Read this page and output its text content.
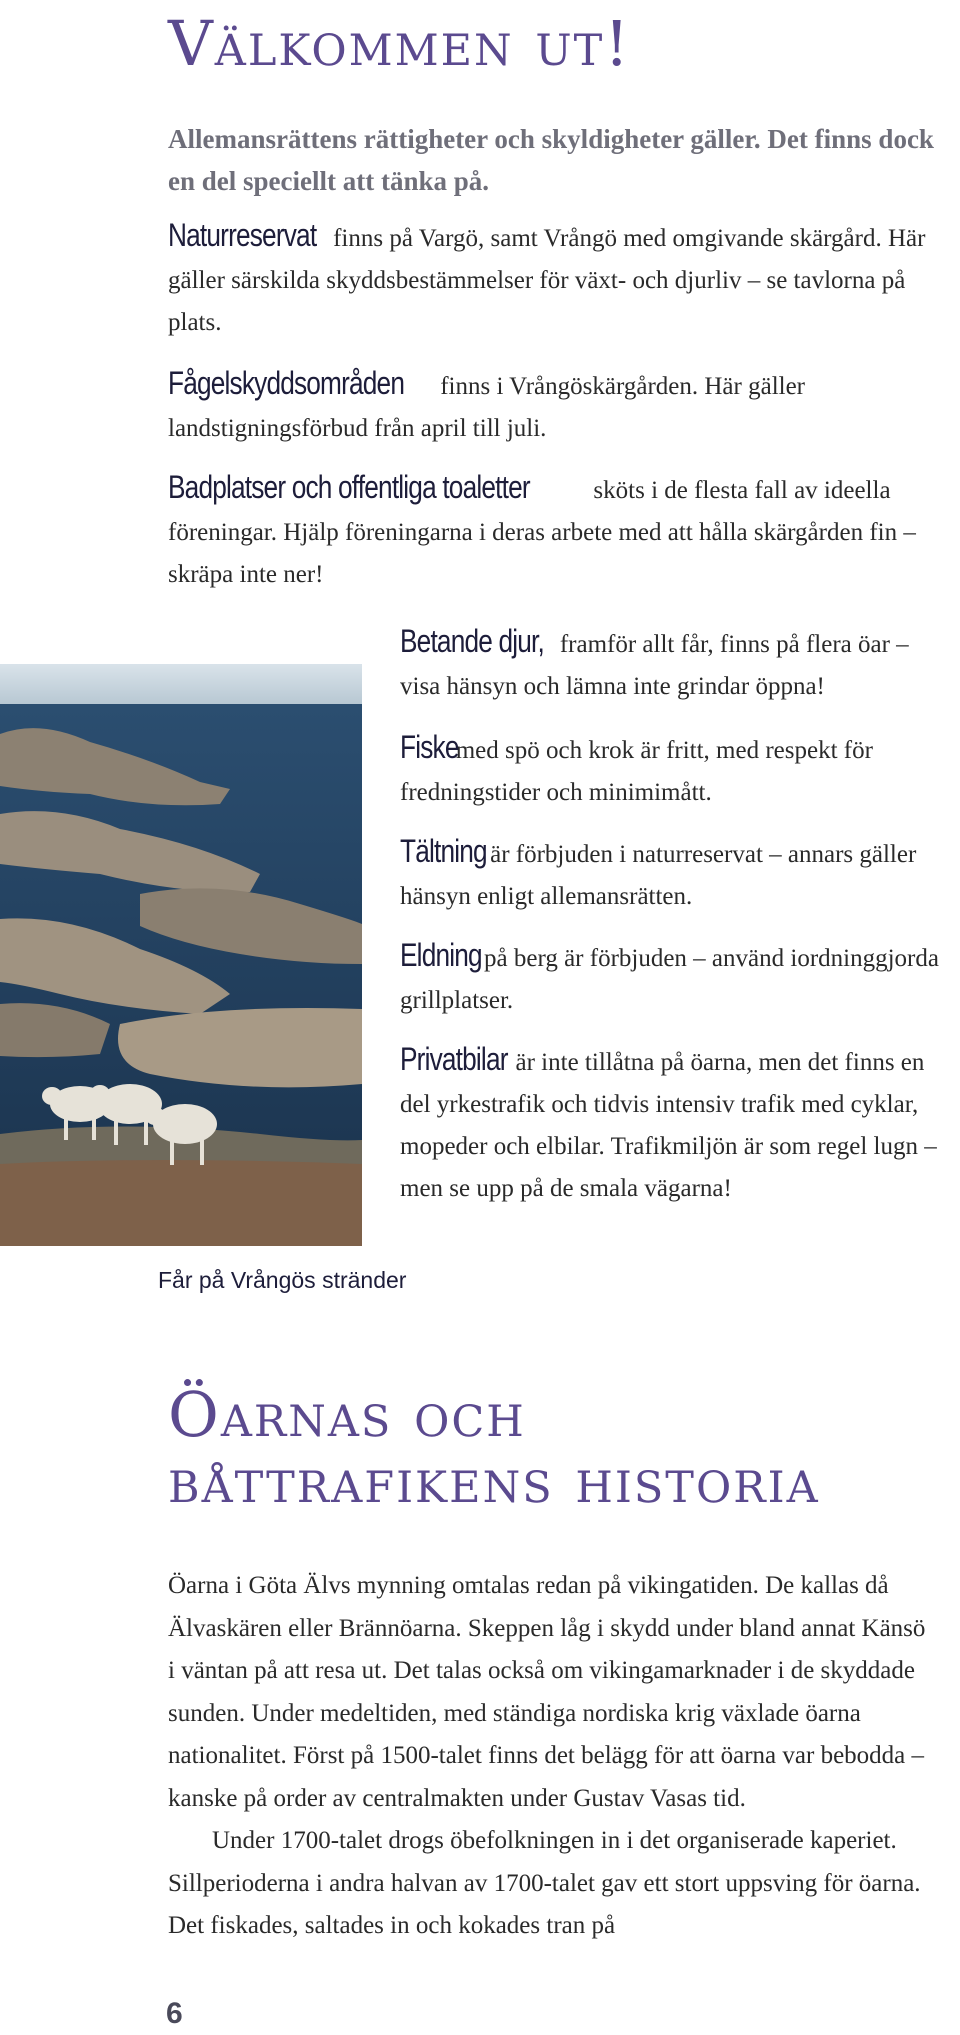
Välkommen ut!
Allemansrättens rättigheter och skyldigheter gäller. Det finns dock en del speciellt att tänka på.
Naturreservat finns på Vargö, samt Vrångö med omgivande skärgård. Här gäller särskilda skyddsbestämmelser för växt- och djurliv – se tavlorna på plats.
Fågelskyddsområden finns i Vrångöskärgården. Här gäller landstigningsförbud från april till juli.
Badplatser och offentliga toaletter	sköts i de flesta fall av ideella föreningar. Hjälp föreningarna i deras arbete med att hålla skärgården fin – skräpa inte ner!
Betande djur, framför allt får, finns på flera öar – visa hänsyn och lämna inte grindar öppna!
Fiske med spö och krok är fritt, med respekt för fredningstider och minimimått.
Tältning är förbjuden i naturreservat – annars gäller hänsyn enligt allemansrätten.
Eldning på berg är förbjuden – använd iordninggjorda grillplatser.
Privatbilar är inte tillåtna på öarna, men det finns en del yrkestrafik och tidvis intensiv trafik med cyklar, mopeder och elbilar. Trafikmiljön är som regel lugn – men se upp på de smala vägarna!
Får på Vrångös stränder
Öarnas och
båttrafikens historia

Öarna i Göta Älvs mynning omtalas redan på vikingatiden. De kallas då Älvaskären eller Brännöarna. Skeppen låg i skydd under bland annat Känsö i väntan på att resa ut. Det talas också om vikingamarknader i de skyddade sunden. Under medeltiden, med ständiga nordiska krig växlade öarna nationalitet. Först på 1500-talet finns det belägg för att öarna var bebodda – kanske på order av centralmakten under Gustav Vasas tid.

Under 1700-talet drogs öbefolkningen in i det organiserade kaperiet. Sillperioderna i andra halvan av 1700-talet gav ett stort uppsving för öarna. Det fiskades, saltades in och kokades tran på

6
